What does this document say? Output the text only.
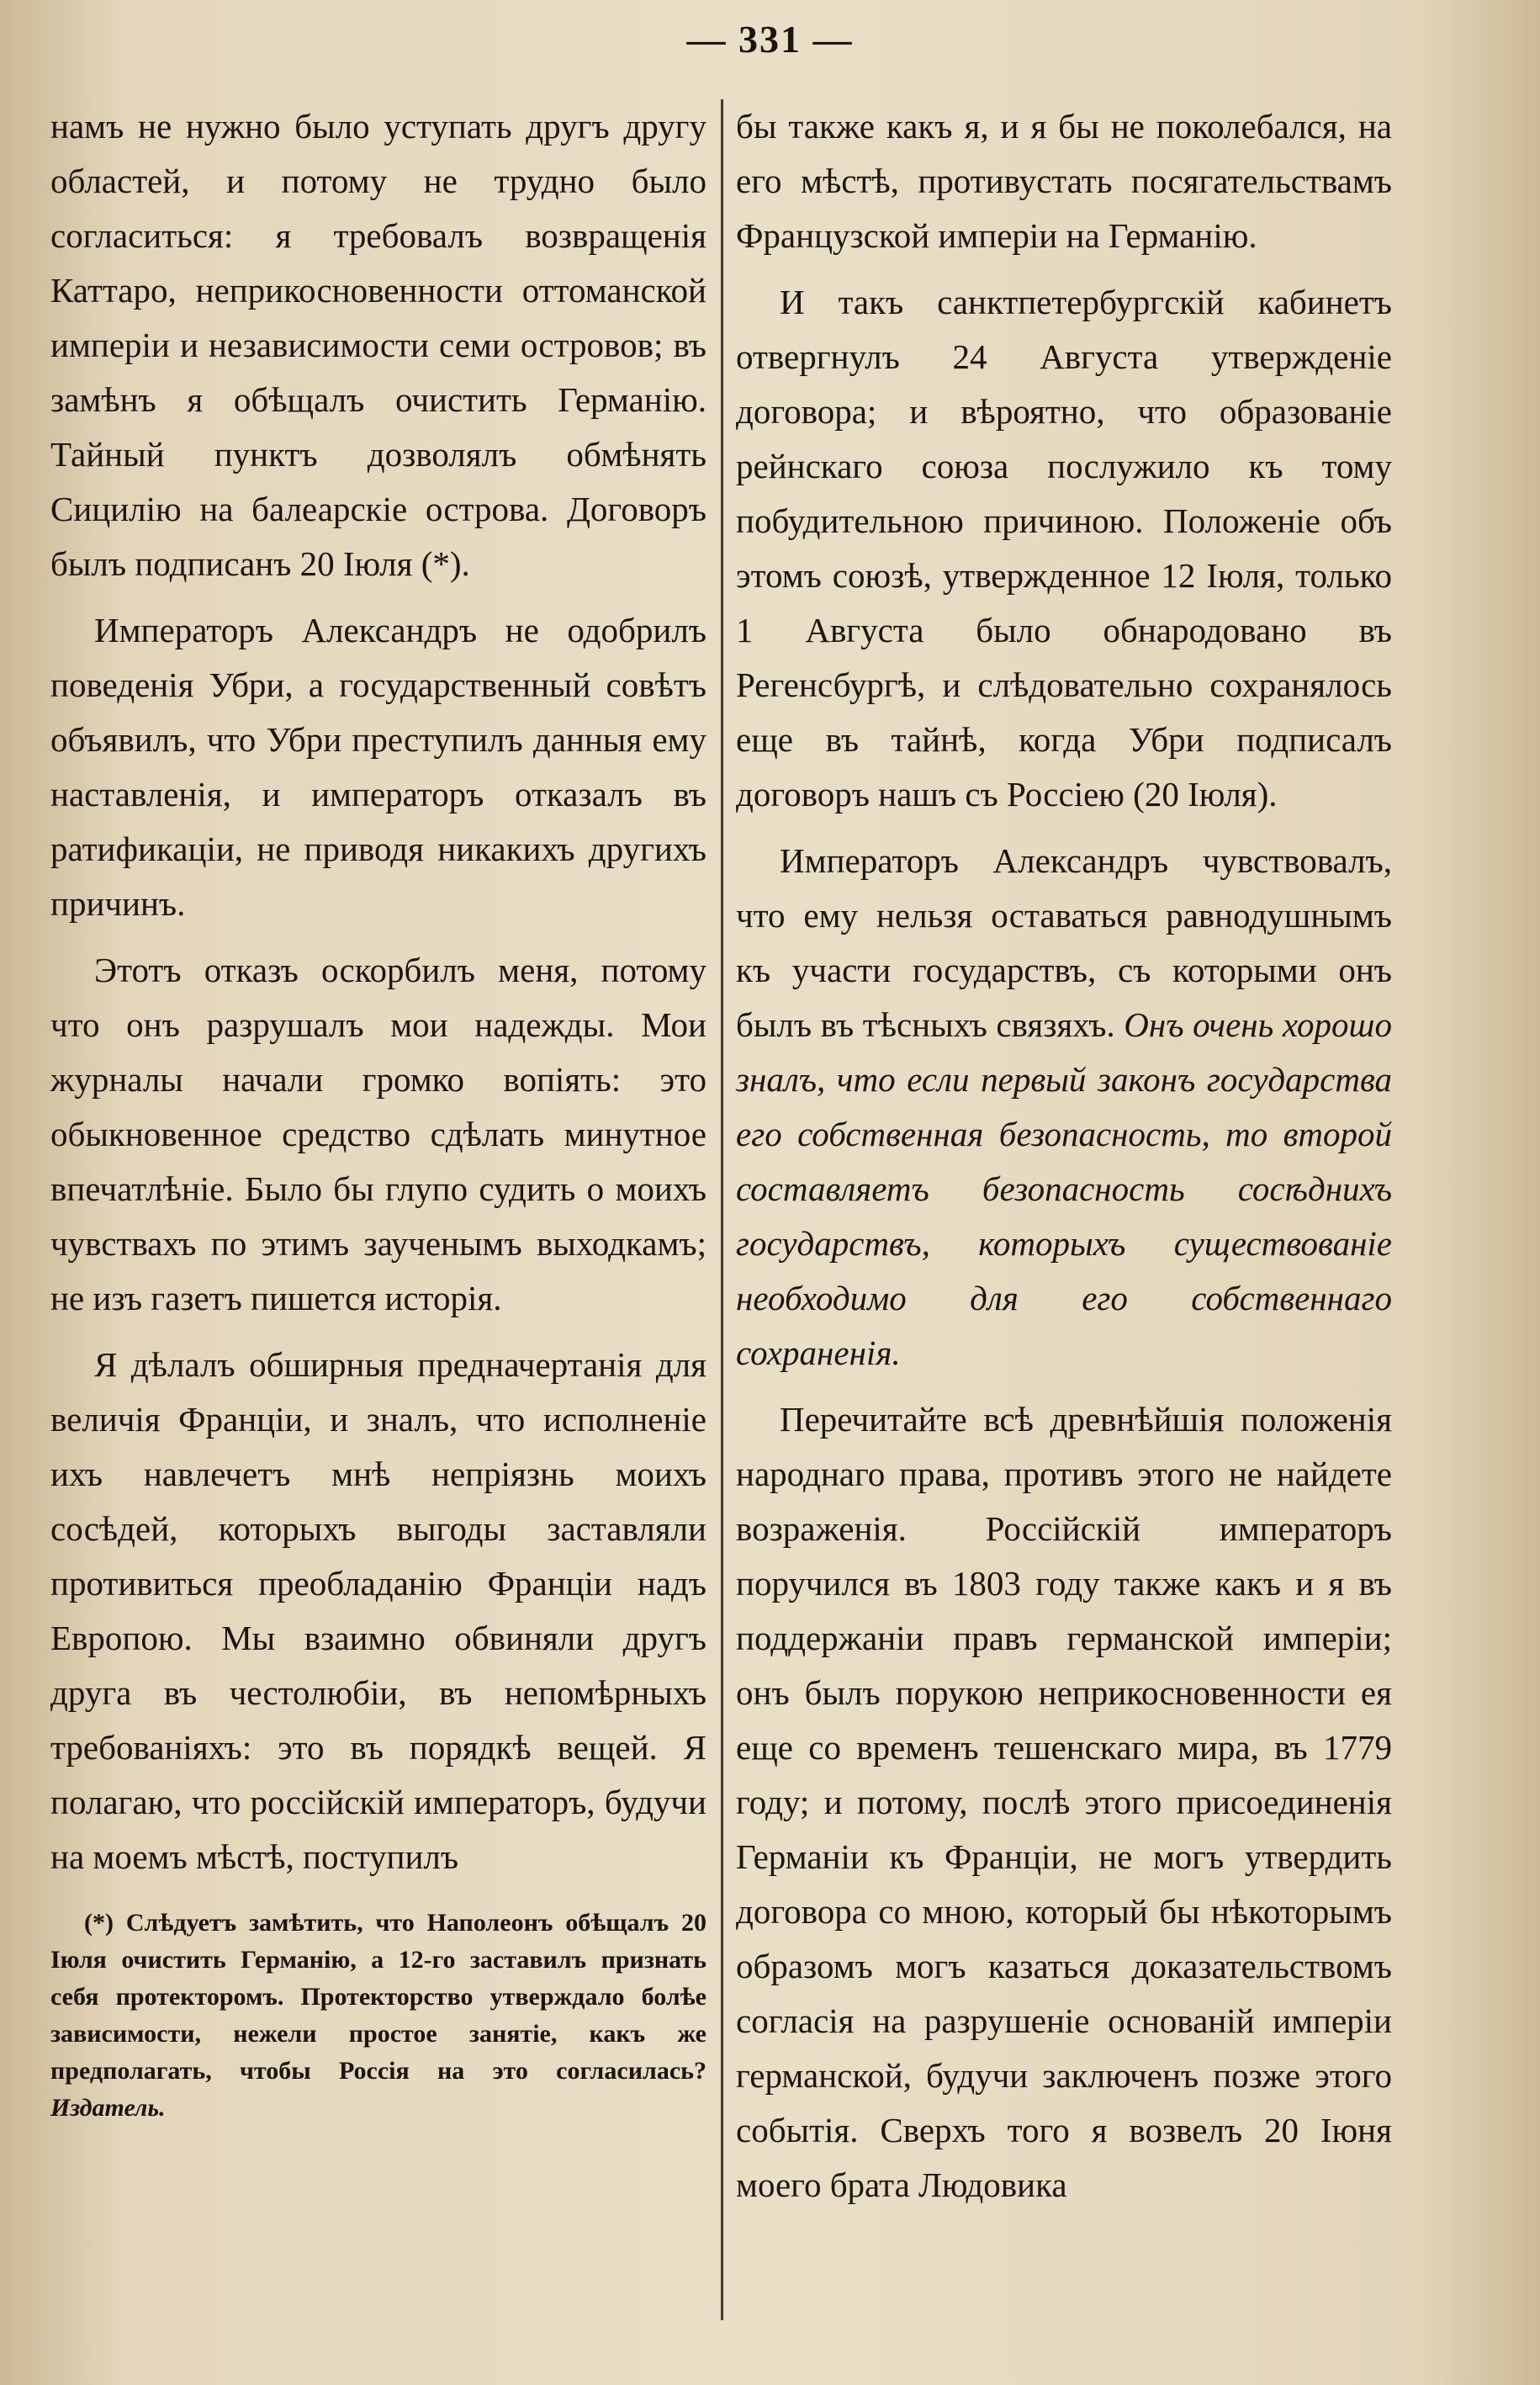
— 331 —

намъ не нужно было уступать другъ другу областей, и потому не трудно было согласиться: я требовалъ возвращенія Каттаро, неприкосновенности оттоманской имперіи и независимости семи островов; въ замѣнъ я обѣщалъ очистить Германію. Тайный пунктъ дозволялъ обмѣнять Сицилію на балеарскіе острова. Договоръ былъ подписанъ 20 Іюля (*).

Императоръ Александръ не одобрилъ поведенія Убри, а государственный совѣтъ объявилъ, что Убри преступилъ данныя ему наставленія, и императоръ отказалъ въ ратификаціи, не приводя никакихъ другихъ причинъ.

Этотъ отказъ оскорбилъ меня, потому что онъ разрушалъ мои надежды. Мои журналы начали громко вопіять: это обыкновенное средство сдѣлать минутное впечатлѣніе. Было бы глупо судить о моихъ чувствахъ по этимъ заученымъ выходкамъ; не изъ газетъ пишется исторія.

Я дѣлалъ обширныя предначертанія для величія Франціи, и зналъ, что исполненіе ихъ навлечетъ мнѣ непріязнь моихъ сосѣдей, которыхъ выгоды заставляли противиться преобладанію Франціи надъ Европою. Мы взаимно обвиняли другъ друга въ честолюбіи, въ непомѣрныхъ требованіяхъ: это въ порядкѣ вещей. Я полагаю, что россійскій императоръ, будучи на моемъ мѣстѣ, поступилъ

(*) Слѣдуетъ замѣтить, что Наполеонъ обѣщалъ 20 Іюля очистить Германію, а 12-го заставилъ признать себя протекторомъ. Протекторство утверждало болѣе зависимости, нежели простое занятіе, какъ же предполагать, чтобы Россія на это согласилась? Издатель.

бы также какъ я, и я бы не поколебался, на его мѣстѣ, противустать посягательствамъ Французской имперіи на Германію.

И такъ санктпетербургскій кабинетъ отвергнулъ 24 Августа утвержденіе договора; и вѣроятно, что образованіе рейнскаго союза послужило къ тому побудительною причиною. Положеніе объ этомъ союзѣ, утвержденное 12 Іюля, только 1 Августа было обнародовано въ Регенсбургѣ, и слѣдовательно сохранялось еще въ тайнѣ, когда Убри подписалъ договоръ нашъ съ Россіею (20 Іюля).

Императоръ Александръ чувствовалъ, что ему нельзя оставаться равнодушнымъ къ участи государствъ, съ которыми онъ былъ въ тѣсныхъ связяхъ. Онъ очень хорошо зналъ, что если первый законъ государства его собственная безопасность, то второй составляетъ безопасность сосѣднихъ государствъ, которыхъ существованіе необходимо для его собственнаго сохраненія.

Перечитайте всѣ древнѣйшія положенія народнаго права, противъ этого не найдете возраженія. Россійскій императоръ поручился въ 1803 году также какъ и я въ поддержаніи правъ германской имперіи; онъ былъ порукою неприкосновенности ея еще со временъ тешенскаго мира, въ 1779 году; и потому, послѣ этого присоединенія Германіи къ Франціи, не могъ утвердить договора со мною, который бы нѣкоторымъ образомъ могъ казаться доказательствомъ согласія на разрушеніе основаній имперіи германской, будучи заключенъ позже этого событія. Сверхъ того я возвелъ 20 Іюня моего брата Людовика
